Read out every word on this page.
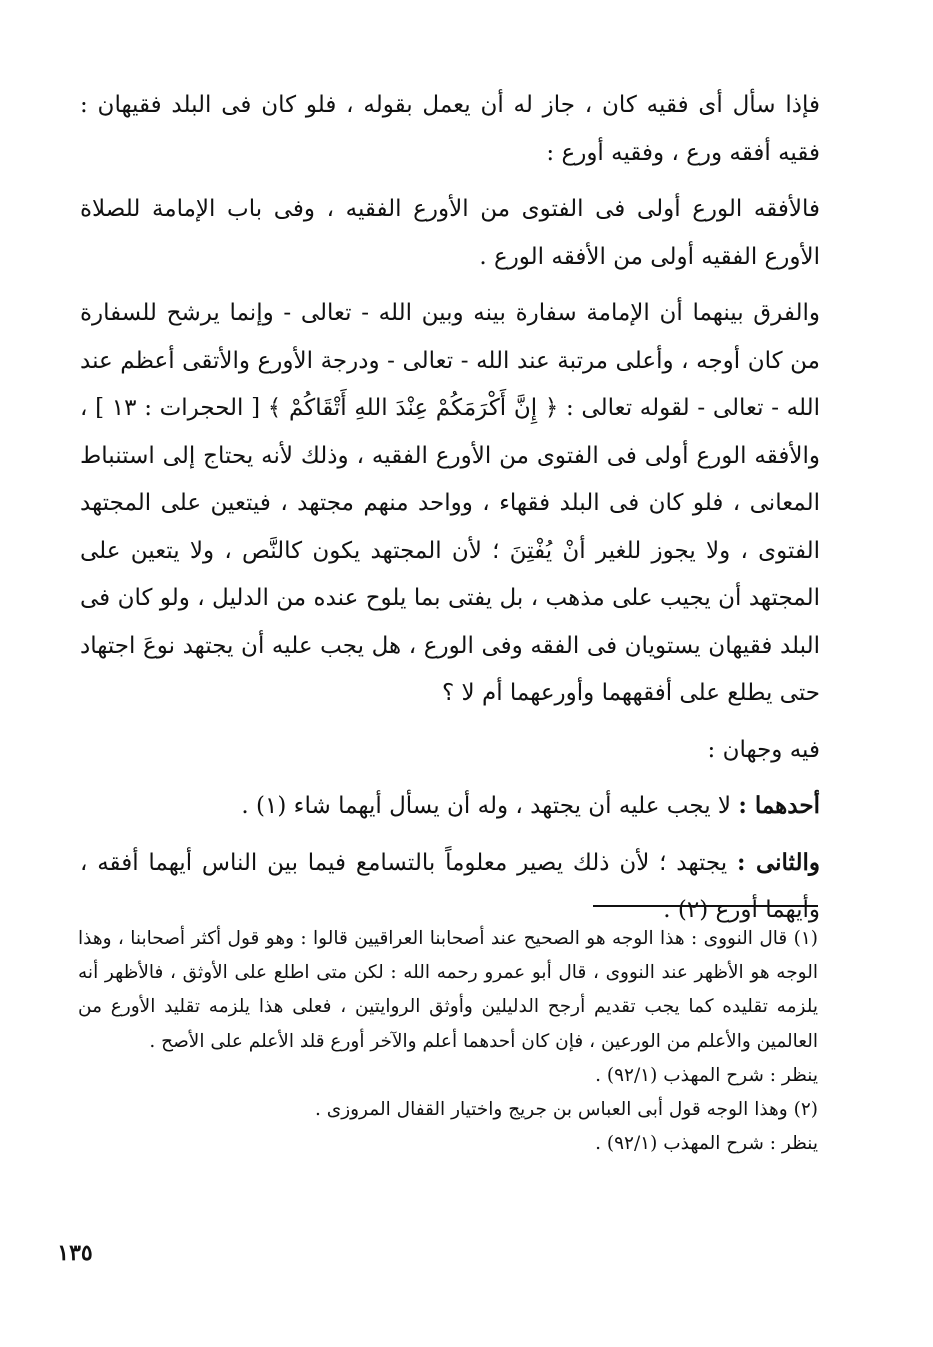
فإذا سأل أى فقيه كان ، جاز له أن يعمل بقوله ، فلو كان فى البلد فقيهان : فقيه أفقه ورع ، وفقيه أورع :

فالأفقه الورع أولى فى الفتوى من الأورع الفقيه ، وفى باب الإمامة للصلاة الأورع الفقيه أولى من الأفقه الورع .

والفرق بينهما أن الإمامة سفارة بينه وبين الله - تعالى - وإنما يرشح للسفارة من كان أوجه ، وأعلى مرتبة عند الله - تعالى - ودرجة الأورع والأتقى أعظم عند الله - تعالى - لقوله تعالى : ﴿ إِنَّ أَكْرَمَكُمْ عِنْدَ اللهِ أَتْقَاكُمْ ﴾ [ الحجرات : ١٣ ] ، والأفقه الورع أولى فى الفتوى من الأورع الفقيه ، وذلك لأنه يحتاج إلى استنباط المعانى ، فلو كان فى البلد فقهاء ، وواحد منهم مجتهد ، فيتعين على المجتهد الفتوى ، ولا يجوز للغير أنْ يُفْتِنَ ؛ لأن المجتهد يكون كالنَّص ، ولا يتعين على المجتهد أن يجيب على مذهب ، بل يفتى بما يلوح عنده من الدليل ، ولو كان فى البلد فقيهان يستويان فى الفقه وفى الورع ، هل يجب عليه أن يجتهد نوعَ اجتهاد حتى يطلع على أفقههما وأورعهما أم لا ؟

فيه وجهان :

أحدهما : لا يجب عليه أن يجتهد ، وله أن يسأل أيهما شاء (١) .

والثانى : يجتهد ؛ لأن ذلك يصير معلوماً بالتسامع فيما بين الناس أيهما أفقه ، وأيهما أورع (٢) .

(١) قال النووى : هذا الوجه هو الصحيح عند أصحابنا العراقيين قالوا : وهو قول أكثر أصحابنا ، وهذا الوجه هو الأظهر عند النووى ، قال أبو عمرو رحمه الله : لكن متى اطلع على الأوثق ، فالأظهر أنه يلزمه تقليده كما يجب تقديم أرجح الدليلين وأوثق الروايتين ، فعلى هذا يلزمه تقليد الأورع من العالمين والأعلم من الورعين ، فإن كان أحدهما أعلم والآخر أورع قلد الأعلم على الأصح .

ينظر : شرح المهذب (٩٢/١) .

(٢) وهذا الوجه قول أبى العباس بن جريج واختيار القفال المروزى .

ينظر : شرح المهذب (٩٢/١) .

١٣٥
